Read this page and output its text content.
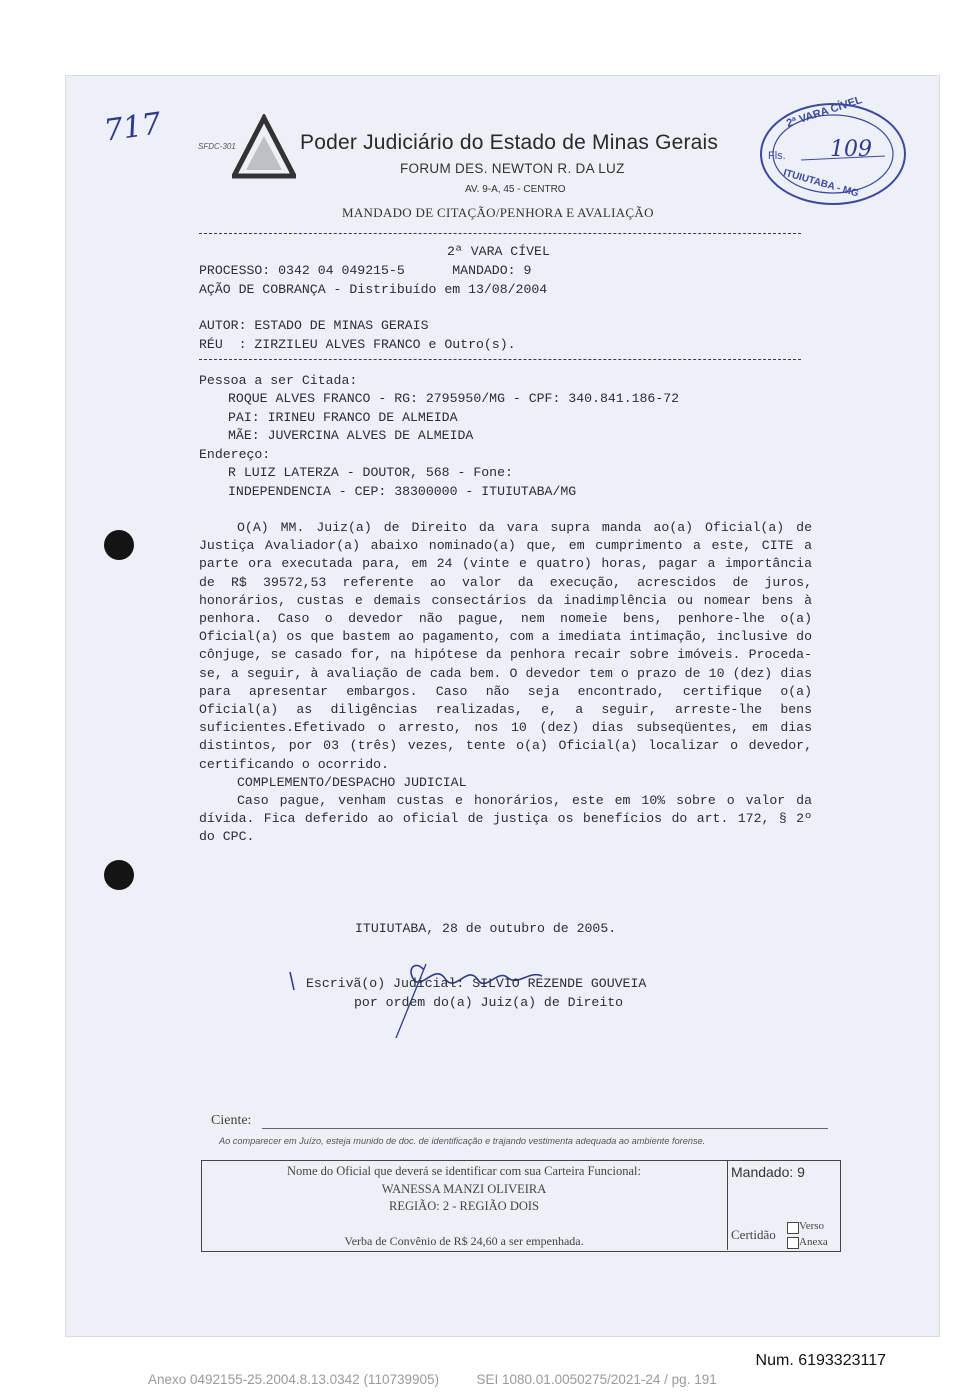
717	SFDC-301	Poder Judiciário do Estado de Minas Gerais
FORUM DES. NEWTON R. DA LUZ
AV. 9-A, 45 - CENTRO
MANDADO DE CITAÇÃO/PENHORA E AVALIAÇÃO
2ª VARA CÍVEL
Fls. 109
ITUIUTABA - MG
2ª VARA CÍVEL
PROCESSO: 0342 04 049215-5      MANDADO: 9
AÇÃO DE COBRANÇA - Distribuído em 13/08/2004
AUTOR: ESTADO DE MINAS GERAIS
RÉU  : ZIRZILEU ALVES FRANCO e Outro(s).
Pessoa a ser Citada:
ROQUE ALVES FRANCO - RG: 2795950/MG - CPF: 340.841.186-72
PAI: IRINEU FRANCO DE ALMEIDA
MÃE: JUVERCINA ALVES DE ALMEIDA
Endereço:
R LUIZ LATERZA - DOUTOR, 568 - Fone:
INDEPENDENCIA - CEP: 38300000 - ITUIUTABA/MG

O(A) MM. Juiz(a) de Direito da vara supra manda ao(a) Oficial(a) de Justiça Avaliador(a) abaixo nominado(a) que, em cumprimento a este, CITE a parte ora executada para, em 24 (vinte e quatro) horas, pagar a importância de R$ 39572,53 referente ao valor da execução, acrescidos de juros, honorários, custas e demais consectários da inadimplência ou nomear bens à penhora. Caso o devedor não pague, nem nomeie bens, penhore-lhe o(a) Oficial(a) os que bastem ao pagamento, com a imediata intimação, inclusive do cônjuge, se casado for, na hipótese da penhora recair sobre imóveis. Proceda-se, a seguir, à avaliação de cada bem. O devedor tem o prazo de 10 (dez) dias para apresentar embargos. Caso não seja encontrado, certifique o(a) Oficial(a) as diligências realizadas, e, a seguir, arreste-lhe bens suficientes.Efetivado o arresto, nos 10 (dez) dias subseqüentes, em dias distintos, por 03 (três) vezes, tente o(a) Oficial(a) localizar o devedor, certificando o ocorrido.

COMPLEMENTO/DESPACHO JUDICIAL

Caso pague, venham custas e honorários, este em 10% sobre o valor da dívida. Fica deferido ao oficial de justiça os benefícios do art. 172, § 2º do CPC.

ITUIUTABA, 28 de outubro de 2005.
Escrivã(o) Judicial: SILVIO REZENDE GOUVEIA
por ordem do(a) Juiz(a) de Direito
Ciente:
Ao comparecer em Juízo, esteja munido de doc. de identificação e trajando vestimenta adequada ao ambiente forense.
Nome do Oficial que deverá se identificar com sua Carteira Funcional:
WANESSA MANZI OLIVEIRA
REGIÃO: 2 - REGIÃO DOIS
Verba de Convênio de R$ 24,60 a ser empenhada.
Mandado: 9
Certidão
Verso
Anexa
Num. 6193323117
Anexo 0492155-25.2004.8.13.0342 (110739905)          SEI 1080.01.0050275/2021-24 / pg. 191
